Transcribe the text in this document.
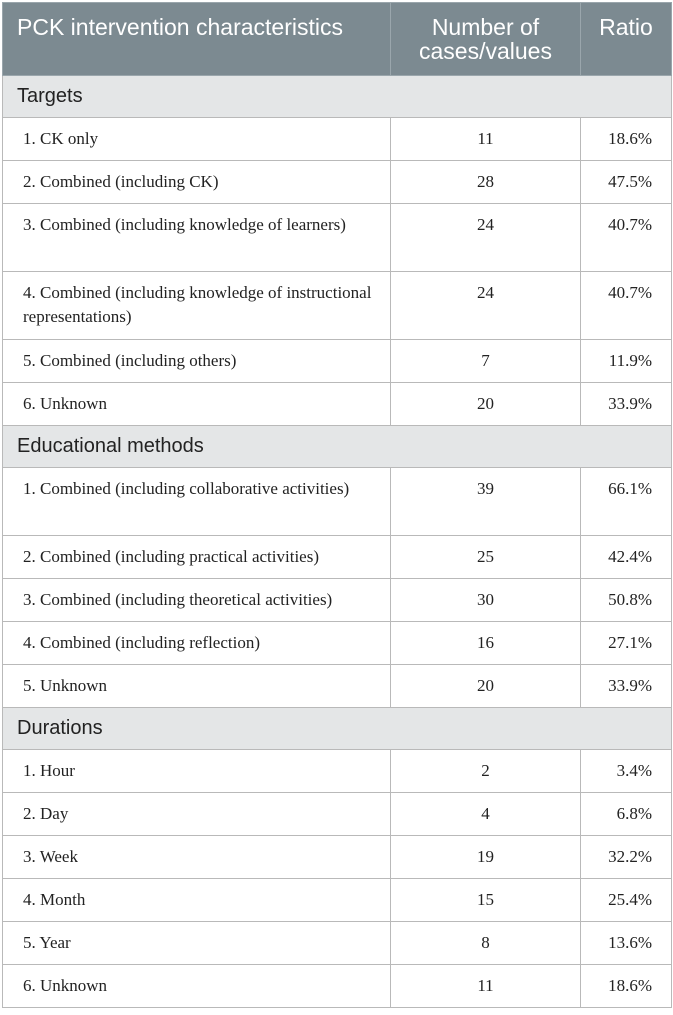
PCK intervention characteristics	Number of cases/values	Ratio
Targets		
1. CK only	11	18.6%
2. Combined (including CK)	28	47.5%
3. Combined (including knowledge of learners)	24	40.7%
4. Combined (including knowledge of instructional representations)	24	40.7%
5. Combined (including others)	7	11.9%
6. Unknown	20	33.9%
Educational methods		
1. Combined (including collaborative activities)	39	66.1%
2. Combined (including practical activities)	25	42.4%
3. Combined (including theoretical activities)	30	50.8%
4. Combined (including reflection)	16	27.1%
5. Unknown	20	33.9%
Durations		
1. Hour	2	3.4%
2. Day	4	6.8%
3. Week	19	32.2%
4. Month	15	25.4%
5. Year	8	13.6%
6. Unknown	11	18.6%
